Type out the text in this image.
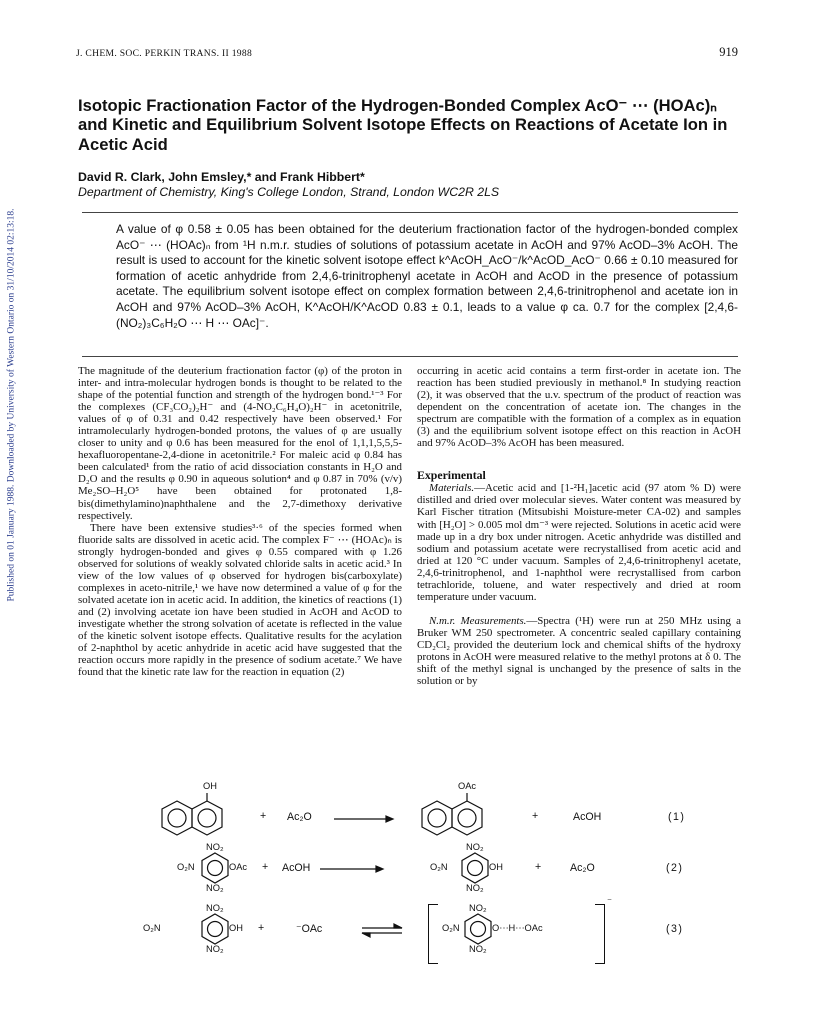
Published on 01 January 1988. Downloaded by University of Western Ontario on 31/10/2014 02:13:18.
J. CHEM. SOC. PERKIN TRANS. II 1988	919
Isotopic Fractionation Factor of the Hydrogen-Bonded Complex AcO⁻ ⋯ (HOAc)ₙ and Kinetic and Equilibrium Solvent Isotope Effects on Reactions of Acetate Ion in Acetic Acid
David R. Clark, John Emsley,* and Frank Hibbert*
Department of Chemistry, King's College London, Strand, London WC2R 2LS

A value of φ 0.58 ± 0.05 has been obtained for the deuterium fractionation factor of the hydrogen-bonded complex AcO⁻ ⋯ (HOAc)ₙ from ¹H n.m.r. studies of solutions of potassium acetate in AcOH and 97% AcOD–3% AcOH. The result is used to account for the kinetic solvent isotope effect k^AcOH_AcO⁻/k^AcOD_AcO⁻ 0.66 ± 0.10 measured for formation of acetic anhydride from 2,4,6-trinitrophenyl acetate in AcOH and AcOD in the presence of potassium acetate. The equilibrium solvent isotope effect on complex formation between 2,4,6-trinitrophenol and acetate ion in AcOH and 97% AcOD–3% AcOH, K^AcOH/K^AcOD 0.83 ± 0.1, leads to a value φ ca. 0.7 for the complex [2,4,6-(NO₂)₃C₆H₂O ⋯ H ⋯ OAc]⁻.

The magnitude of the deuterium fractionation factor (φ) of the proton in inter- and intra-molecular hydrogen bonds is thought to be related to the shape of the potential function and strength of the hydrogen bond.¹⁻³ For the complexes (CF₃CO₂)₂H⁻ and (4-NO₂C₆H₄O)₂H⁻ in acetonitrile, values of φ of 0.31 and 0.42 respectively have been observed.¹ For intramolecularly hydrogen-bonded protons, the values of φ are usually closer to unity and φ 0.6 has been measured for the enol of 1,1,1,5,5,5-hexafluoropentane-2,4-dione in acetonitrile.² For maleic acid φ 0.84 has been calculated¹ from the ratio of acid dissociation constants in H₂O and D₂O and the results φ 0.90 in aqueous solution⁴ and φ 0.87 in 70% (v/v) Me₂SO–H₂O⁵ have been obtained for protonated 1,8-bis(dimethylamino)naphthalene and the 2,7-dimethoxy derivative respectively.

There have been extensive studies³·⁶ of the species formed when fluoride salts are dissolved in acetic acid. The complex F⁻ ⋯ (HOAc)ₙ is strongly hydrogen-bonded and gives φ 0.55 compared with φ 1.26 observed for solutions of weakly solvated chloride salts in acetic acid.³ In view of the low values of φ observed for hydrogen bis(carboxylate) complexes in aceto-nitrile,¹ we have now determined a value of φ for the solvated acetate ion in acetic acid. In addition, the kinetics of reactions (1) and (2) involving acetate ion have been studied in AcOH and AcOD to investigate whether the strong solvation of acetate is reflected in the value of the kinetic solvent isotope effects. Qualitative results for the acylation of 2-naphthol by acetic anhydride in acetic acid have suggested that the reaction occurs more rapidly in the presence of sodium acetate.⁷ We have found that the kinetic rate law for the reaction in equation (2)

occurring in acetic acid contains a term first-order in acetate ion. The reaction has been studied previously in methanol.⁸ In studying reaction (2), it was observed that the u.v. spectrum of the product of reaction was dependent on the concentration of acetate ion. The changes in the spectrum are compatible with the formation of a complex as in equation (3) and the equilibrium solvent isotope effect on this reaction in AcOH and 97% AcOD–3% AcOH has been measured.

Experimental

Materials.—Acetic acid and [1-²H₁]acetic acid (97 atom % D) were distilled and dried over molecular sieves. Water content was measured by Karl Fischer titration (Mitsubishi Moisture-meter CA-02) and samples with [H₂O] > 0.005 mol dm⁻³ were rejected. Solutions in acetic acid were made up in a dry box under nitrogen. Acetic anhydride was distilled and sodium and potassium acetate were recrystallised from acetic acid and dried at 120 °C under vacuum. Samples of 2,4,6-trinitrophenyl acetate, 2,4,6-trinitrophenol, and 1-naphthol were recrystallised from carbon tetrachloride, toluene, and water respectively and dried at room temperature under vacuum.

N.m.r. Measurements.—Spectra (¹H) were run at 250 MHz using a Bruker WM 250 spectrometer. A concentric sealed capillary containing CD₂Cl₂ provided the deuterium lock and chemical shifts of the hydroxy protons in AcOH were measured relative to the methyl protons at δ 0. The shift of the methyl signal is unchanged by the presence of salts in the solution or by

OH
+ Ac₂O
OAc
+	AcOH	(1)
NO₂
O₂N	OAc
NO₂
+ AcOH
NO₂
O₂N	OH
NO₂
+	Ac₂O	(2)
NO₂
O₂N	OH
NO₂
+	⁻OAc
⁻
NO₂
O₂N	O⋯H⋯OAc
NO₂
(3)
